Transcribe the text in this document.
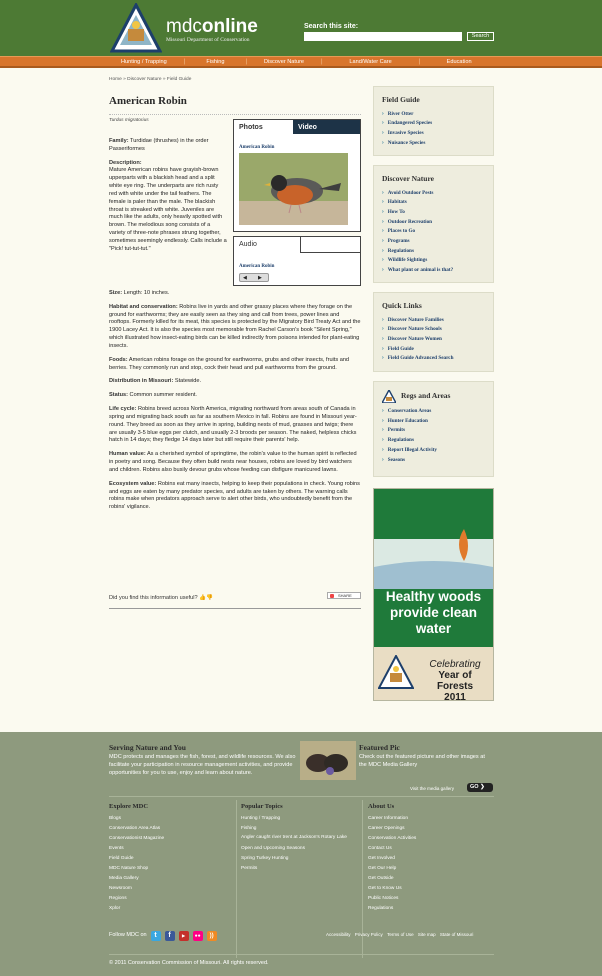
mdconline
Missouri Department of Conservation
Search this site:
Search
Hunting / Trapping	|	Fishing	|	Discover Nature	|	Land/Water Care	|	Education
Home » Discover Nature » Field Guide
American Robin
Turdus migratorius

Family: Turdidae (thrushes) in the order Passeriformes

Description:
Mature American robins have grayish-brown upperparts with a blackish head and a split white eye ring. The underparts are rich rusty red with white under the tail feathers. The female is paler than the male. The blackish throat is streaked with white. Juveniles are much like the adults, only heavily spotted with brown. The melodious song consists of a variety of three-note phrases strung together, sometimes seemingly endlessly. Calls include a "Pick! tut-tut-tut."

Photos	Video
American Robin
Audio
American Robin
◀ ▶

Size: Length: 10 inches.

Habitat and conservation: Robins live in yards and other grassy places where they forage on the ground for earthworms; they are easily seen as they sing and call from trees, power lines and rooftops. Formerly killed for its meat, this species is protected by the Migratory Bird Treaty Act and the 1900 Lacey Act. It is also the species most memorable from Rachel Carson's book "Silent Spring," which illustrated how insect-eating birds can be killed indirectly from poisons intended for plant-eating insects.

Foods: American robins forage on the ground for earthworms, grubs and other insects, fruits and berries. They commonly run and stop, cock their head and pull earthworms from the ground.

Distribution in Missouri: Statewide.

Status: Common summer resident.

Life cycle: Robins breed across North America, migrating northward from areas south of Canada in spring and migrating back south as far as southern Mexico in fall. Robins are found in Missouri year-round. They breed as soon as they arrive in spring, building nests of mud, grasses and twigs; there are usually 3-5 blue eggs per clutch, and usually 2-3 broods per season. The naked, helpless chicks hatch in 14 days; they fledge 14 days later but still require their parents' help.

Human value: As a cherished symbol of springtime, the robin's value to the human spirit is reflected in poetry and song. Because they often build nests near houses, robins are loved by bird watchers and children. Robins also busily devour grubs whose feeding can disfigure manicured lawns.

Ecosystem value: Robins eat many insects, helping to keep their populations in check. Young robins and eggs are eaten by many predator species, and adults are taken by others. The warning calls robins make when predators approach serve to alert other birds, who undoubtedly benefit from the robins' vigilance.

Did you find this information useful? 👍👎	SHARE
Field Guide
› River Otter
› Endangered Species
› Invasive Species
› Nuisance Species
Discover Nature
› Avoid Outdoor Pests
› Habitats
› How To
› Outdoor Recreation
› Places to Go
› Programs
› Regulations
› Wildlife Sightings
› What plant or animal is that?
Quick Links
› Discover Nature Families
› Discover Nature Schools
› Discover Nature Women
› Field Guide
› Field Guide Advanced Search
Regs and Areas
› Conservation Areas
› Hunter Education
› Permits
› Regulations
› Report Illegal Activity
› Seasons
Healthy woods provide clean water
Celebrating
Year of Forests
2011
Serving Nature and You
MDC protects and manages the fish, forest, and wildlife resources. We also facilitate your participation in resource management activities, and provide opportunities for you to use, enjoy and learn about nature.
Featured Pic
Check out the featured picture and other images at the MDC Media Gallery
Visit the media gallery	GO ❯
Explore MDC
Blogs
Conservation Area Atlas
Conservationist Magazine
Events
Field Guide
MDC Nature Shop
Media Gallery
Newsroom
Regions
Xplor
Popular Topics
Hunting / Trapping
Fishing
Angler caught river trent at Jackson's Rotary Lake
Open and Upcoming Seasons
Spring Turkey Hunting
Permits
About Us
Career Information
Career Openings
Conservation Activities
Contact Us
Get Involved
Get Our Help
Get Outside
Get to Know Us
Public Notices
Regulations
Follow MDC on	t	f	▶	●●	))	Accessibility Privacy Policy Terms of Use Site map State of Missouri
© 2011 Conservation Commission of Missouri. All rights reserved.
